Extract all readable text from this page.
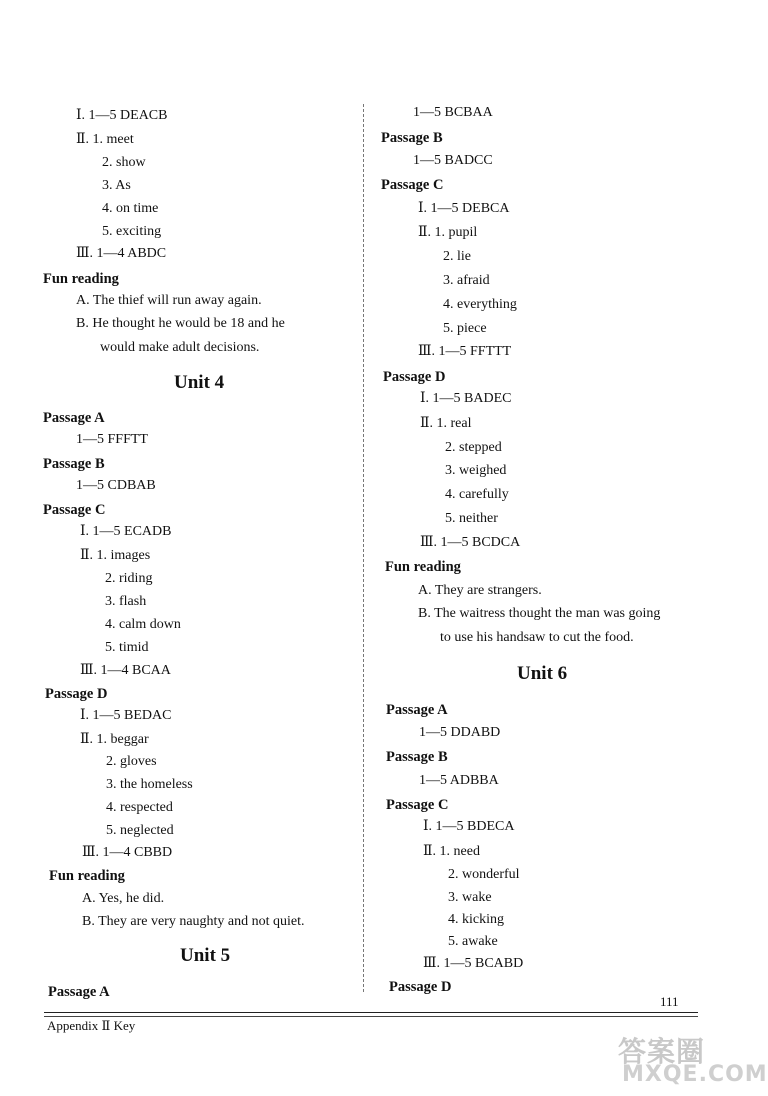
Ⅰ. 1—5 DEACB
Ⅱ. 1. meet
2. show
3. As
4. on time
5. exciting
Ⅲ. 1—4 ABDC
Fun reading
A. The thief will run away again.
B. He thought he would be 18 and he
would make adult decisions.
Unit 4
Passage A
1—5 FFFTT
Passage B
1—5 CDBAB
Passage C
Ⅰ. 1—5 ECADB
Ⅱ. 1. images
2. riding
3. flash
4. calm down
5. timid
Ⅲ. 1—4 BCAA
Passage D
Ⅰ. 1—5 BEDAC
Ⅱ. 1. beggar
2. gloves
3. the homeless
4. respected
5. neglected
Ⅲ. 1—4 CBBD
Fun reading
A. Yes, he did.
B. They are very naughty and not quiet.
Unit 5
Passage A
1—5 BCBAA
Passage B
1—5 BADCC
Passage C
Ⅰ. 1—5 DEBCA
Ⅱ. 1. pupil
2. lie
3. afraid
4. everything
5. piece
Ⅲ. 1—5 FFTTT
Passage D
Ⅰ. 1—5 BADEC
Ⅱ. 1. real
2. stepped
3. weighed
4. carefully
5. neither
Ⅲ. 1—5 BCDCA
Fun reading
A. They are strangers.
B. The waitress thought the man was going
to use his handsaw to cut the food.
Unit 6
Passage A
1—5 DDABD
Passage B
1—5 ADBBA
Passage C
Ⅰ. 1—5 BDECA
Ⅱ. 1. need
2. wonderful
3. wake
4. kicking
5. awake
Ⅲ. 1—5 BCABD
Passage D
111
Appendix Ⅱ Key
答案圈
MXQE.COM
